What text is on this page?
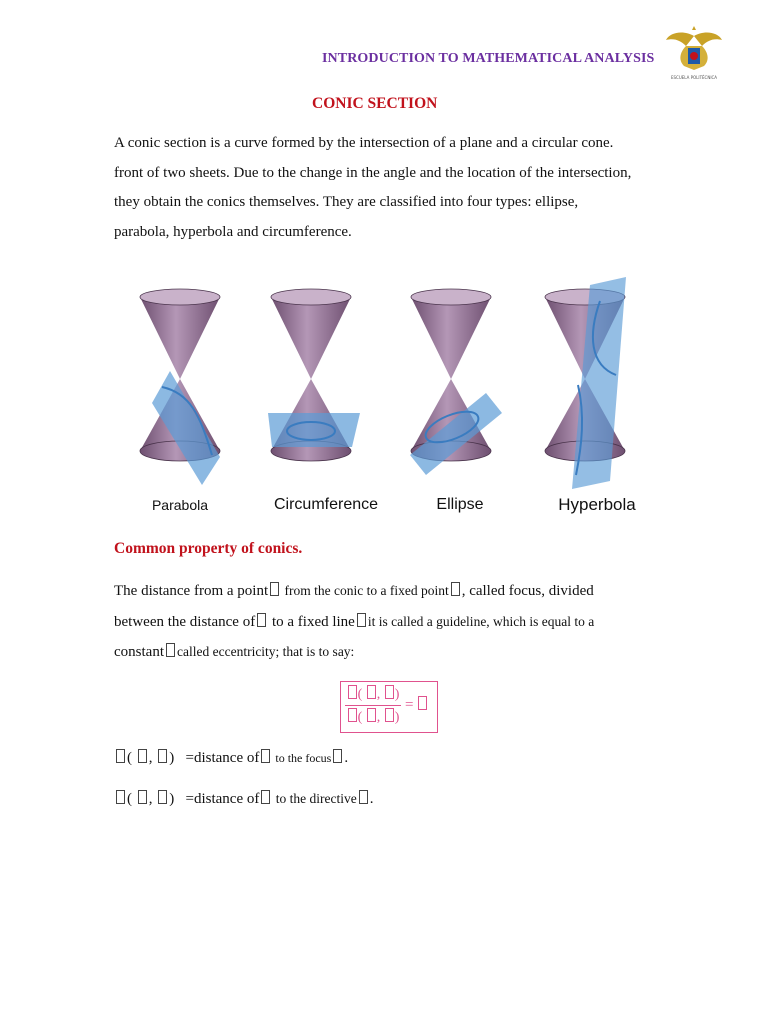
INTRODUCTION TO MATHEMATICAL ANALYSIS
ESCUELA POLITÉCNICA
CONIC SECTION
A conic section is a curve formed by the intersection of a plane and a circular cone.
front of two sheets. Due to the change in the angle and the location of the intersection,
they obtain the conics themselves. They are classified into four types: ellipse,
parabola, hyperbola and circumference.
Parabola	Circumference	Ellipse	Hyperbola
Common property of conics.
The distance from a point from the conic to a fixed point , called focus, divided
between the distance of to a fixed line it is called a guideline, which is equal to a
constant called eccentricity; that is to say:
( , )
( , )
=
( , )   =distance of to the focus .
( , )   =distance of to the directive .
